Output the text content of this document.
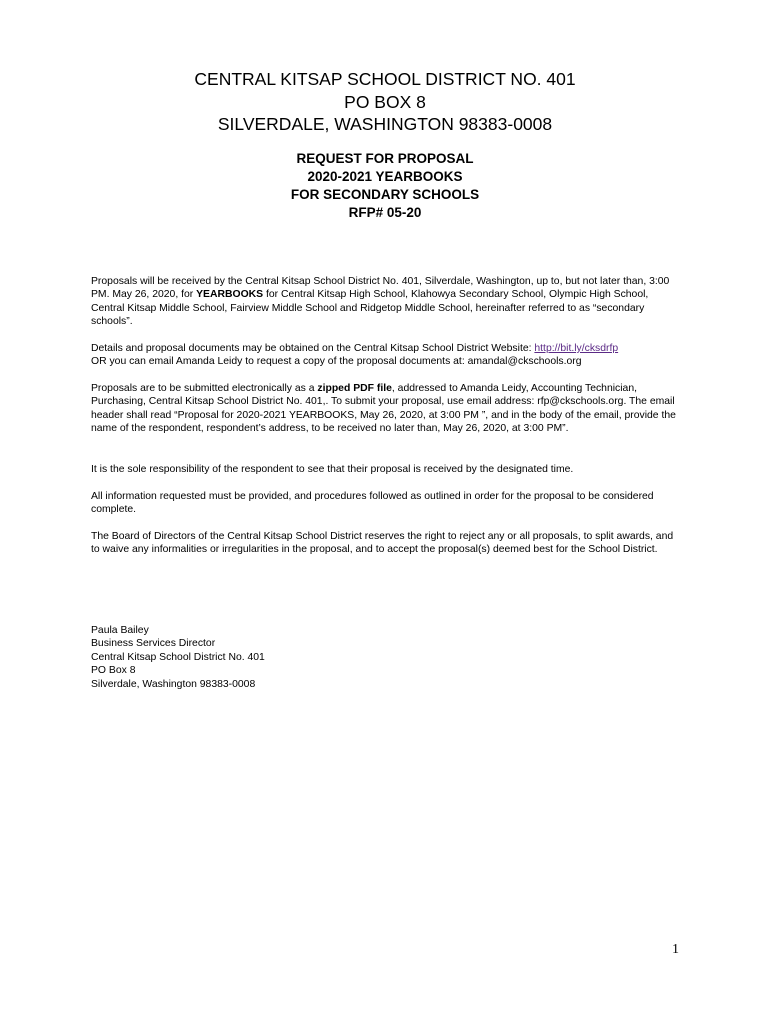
CENTRAL KITSAP SCHOOL DISTRICT NO. 401
PO BOX 8
SILVERDALE, WASHINGTON 98383-0008
REQUEST FOR PROPOSAL
2020-2021 YEARBOOKS
FOR SECONDARY SCHOOLS
RFP# 05-20

Proposals will be received by the Central Kitsap School District No. 401, Silverdale, Washington, up to, but not later than, 3:00 PM. May 26, 2020, for YEARBOOKS for Central Kitsap High School, Klahowya Secondary School, Olympic High School, Central Kitsap Middle School, Fairview Middle School and Ridgetop Middle School, hereinafter referred to as “secondary schools”.

Details and proposal documents may be obtained on the Central Kitsap School District Website: http://bit.ly/cksdrfp
OR you can email Amanda Leidy to request a copy of the proposal documents at: amandal@ckschools.org

Proposals are to be submitted electronically as a zipped PDF file, addressed to Amanda Leidy, Accounting Technician, Purchasing, Central Kitsap School District No. 401,. To submit your proposal, use email address: rfp@ckschools.org. The email header shall read “Proposal for 2020-2021 YEARBOOKS, May 26, 2020, at 3:00 PM ”, and in the body of the email, provide the name of the respondent, respondent’s address, to be received no later than, May 26, 2020, at 3:00 PM”.

It is the sole responsibility of the respondent to see that their proposal is received by the designated time.

All information requested must be provided, and procedures followed as outlined in order for the proposal to be considered complete.

The Board of Directors of the Central Kitsap School District reserves the right to reject any or all proposals, to split awards, and to waive any informalities or irregularities in the proposal, and to accept the proposal(s) deemed best for the School District.

Paula Bailey
Business Services Director
Central Kitsap School District No. 401
PO Box 8
Silverdale, Washington 98383-0008
1
